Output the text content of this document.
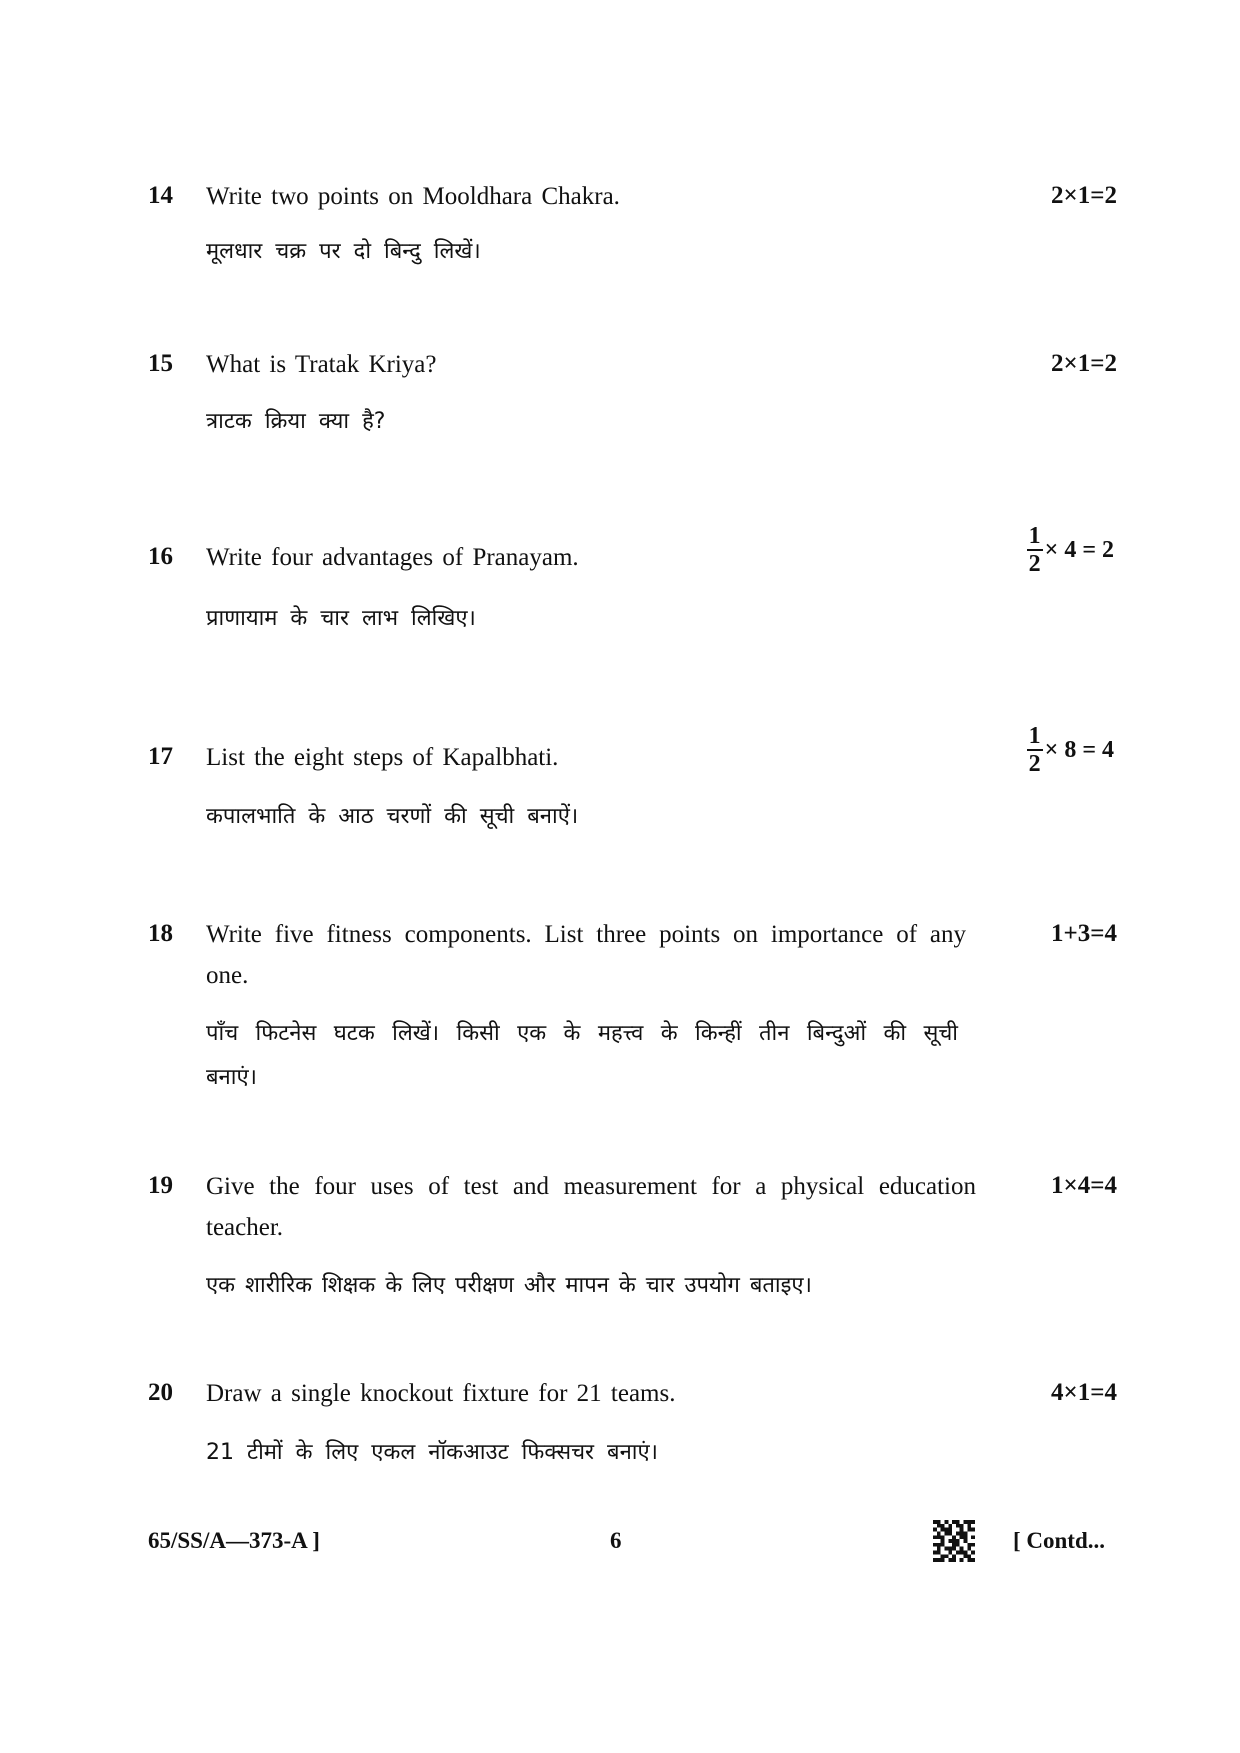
14 Write two points on Mooldhara Chakra.	2×1=2
मूलधार चक्र पर दो बिन्दु लिखें।
15 What is Tratak Kriya?	2×1=2
त्राटक क्रिया क्या है?
16 Write four advantages of Pranayam.	$\frac{1}{2} \times 4 = 2$
प्राणायाम के चार लाभ लिखिए।
17 List the eight steps of Kapalbhati.	$\frac{1}{2} \times 8 = 4$
कपालभाति के आठ चरणों की सूची बनाऐं।
18 Write five fitness components. List three points on importance of any one.
1+3=4
पाँच फिटनेस घटक लिखें। किसी एक के महत्त्व के किन्हीं तीन बिन्दुओं की सूची बनाएं।
19 Give the four uses of test and measurement for a physical education teacher.
1×4=4
एक शारीरिक शिक्षक के लिए परीक्षण और मापन के चार उपयोग बताइए।
20 Draw a single knockout fixture for 21 teams.	4×1=4
21 टीमों के लिए एकल नॉकआउट फिक्सचर बनाएं।
65/SS/A—373-A ]	6	[ Contd...
